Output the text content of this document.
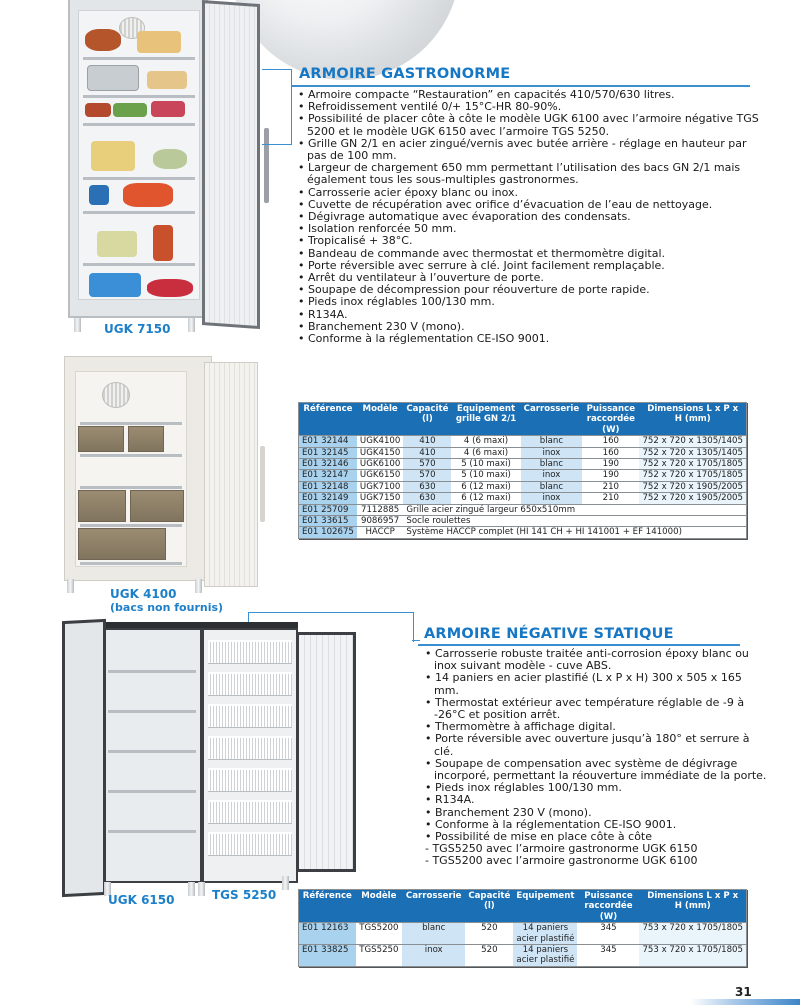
UGK 7150
UGK 4100
(bacs non fournis)
UGK 6150	TGS 5250
ARMOIRE GASTRONORME
• Armoire compacte “Restauration” en capacités 410/570/630 litres.
• Refroidissement ventilé 0/+ 15°C-HR 80-90%.
• Possibilité de placer côte à côte le modèle UGK 6100 avec l’armoire négative TGS 5200 et le modèle UGK 6150 avec l’armoire TGS 5250.
• Grille GN 2/1 en acier zingué/vernis avec butée arrière - réglage en hauteur par pas de 100 mm.
• Largeur de chargement 650 mm permettant l’utilisation des bacs GN 2/1 mais également tous les sous-multiples gastronormes.
• Carrosserie acier époxy blanc ou inox.
• Cuvette de récupération avec orifice d’évacuation de l’eau de nettoyage.
• Dégivrage automatique avec évaporation des condensats.
• Isolation renforcée 50 mm.
• Tropicalisé + 38°C.
• Bandeau de commande avec thermostat et thermomètre digital.
• Porte réversible avec serrure à clé. Joint facilement remplaçable.
• Arrêt du ventilateur à l’ouverture de porte.
• Soupape de décompression pour réouverture de porte rapide.
• Pieds inox réglables 100/130 mm.
• R134A.
• Branchement 230 V (mono).
• Conforme à la réglementation CE-ISO 9001.
Référence	Modèle	Capacité (l)	Equipement grille GN 2/1	Carrosserie	Puissance raccordée (W)	Dimensions L x P x H (mm)
E01 32144	UGK4100	410	4 (6 maxi)	blanc	160	752 x 720 x 1305/1405
E01 32145	UGK4150	410	4 (6 maxi)	inox	160	752 x 720 x 1305/1405
E01 32146	UGK6100	570	5 (10 maxi)	blanc	190	752 x 720 x 1705/1805
E01 32147	UGK6150	570	5 (10 maxi)	inox	190	752 x 720 x 1705/1805
E01 32148	UGK7100	630	6 (12 maxi)	blanc	210	752 x 720 x 1905/2005
E01 32149	UGK7150	630	6 (12 maxi)	inox	210	752 x 720 x 1905/2005
E01 25709	7112885	Grille acier zingué largeur 650x510mm				
E01 33615	9086957	Socle roulettes				
E01 102675	HACCP	Système HACCP complet (HI 141 CH + HI 141001 + EF 141000)				
ARMOIRE NÉGATIVE STATIQUE
• Carrosserie robuste traitée anti-corrosion époxy blanc ou inox suivant modèle - cuve ABS.
• 14 paniers en acier plastifié (L x P x H) 300 x 505 x 165 mm.
• Thermostat extérieur avec température réglable de -9 à -26°C et position arrêt.
• Thermomètre à affichage digital.
• Porte réversible avec ouverture jusqu’à 180° et serrure à clé.
• Soupape de compensation avec système de dégivrage incorporé, permettant la réouverture immédiate de la porte.
• Pieds inox réglables 100/130 mm.
• R134A.
• Branchement 230 V (mono).
• Conforme à la réglementation CE-ISO 9001.
• Possibilité de mise en place côte à côte
- TGS5250 avec l’armoire gastronorme UGK 6150
- TGS5200 avec l’armoire gastronorme UGK 6100
Référence	Modèle	Carrosserie	Capacité (l)	Equipement	Puissance raccordée (W)	Dimensions L x P x H (mm)
E01 12163	TGS5200	blanc	520	14 paniers acier plastifié	345	753 x 720 x 1705/1805
E01 33825	TGS5250	inox	520	14 paniers acier plastifié	345	753 x 720 x 1705/1805
31
